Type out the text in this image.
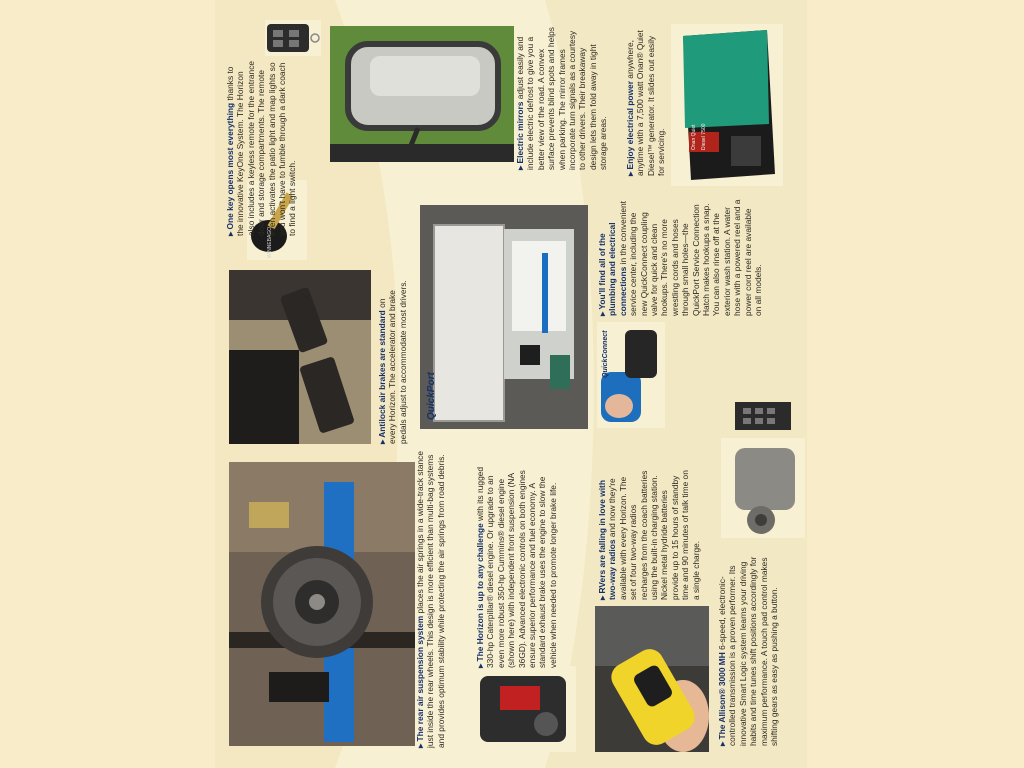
▸ The rear air suspension system places the air springs in a wide-track stance just inside the rear wheels. This design is more efficient than multi-bag systems and provides optimum stability while protecting the air springs from road debris.	▸ The Horizon is up to any challenge with its rugged 330-hp Caterpillar® diesel engine. Or upgrade to an even more robust 350-hp Cummins® diesel engine (shown here) with independent front suspension (NA 36GD). Advanced electronic controls on both engines ensure superior performance and fuel economy. A standard exhaust brake uses the engine to slow the vehicle when needed to promote longer brake life.
▸ Antilock air brakes are standard on every Horizon. The accelerator and brake pedals adjust to accommodate most drivers.
▸ RVers are falling in love with two-way radios and now they're available with every Horizon. The set of four two-way radios recharges from the coach batteries using the built-in charging station. Nickel metal hydride batteries provide up to 15 hours of standby time and 90 minutes of talk time on a single charge.
▸ You'll find all of the plumbing and electrical connections in the convenient service center, including the new QuickConnect coupling valve for quick and clean hookups. There's no more wrestling cords and hoses through small holes—the QuickPort Service Connection Hatch makes hookups a snap. You can also rinse off at the exterior wash station. A water hose with a powered reel and a power cord reel are available on all models.
▸ The Allison® 3000 MH 6-speed, electronic-controlled transmission is a proven performer. Its innovative Smart Logic system learns your driving habits and time tunes shift positions accordingly for maximum performance. A touch pad control makes shifting gears as easy as pushing a button.
▸ One key opens most everything thanks to the innovative KeyOne System. The Horizon also includes a keyless remote for the entrance door and storage compartments. The remote even activates the patio light and map lights so you won't have to fumble through a dark coach to find a light switch.
▸ Electric mirrors adjust easily and include electric defrost to give you a better view of the road. A convex surface prevents blind spots and helps when parking. The mirror frames incorporate turn signals as a courtesy to other drivers. Their breakaway design lets them fold away in tight storage areas. ▸ Enjoy electrical power anywhere, anytime with a 7,500 watt Onan® Quiet Diesel™ generator. It slides out easily for servicing.
QuickPort
QuickConnect
WINNEBAGO
Onan Quiet Diesel 7500
